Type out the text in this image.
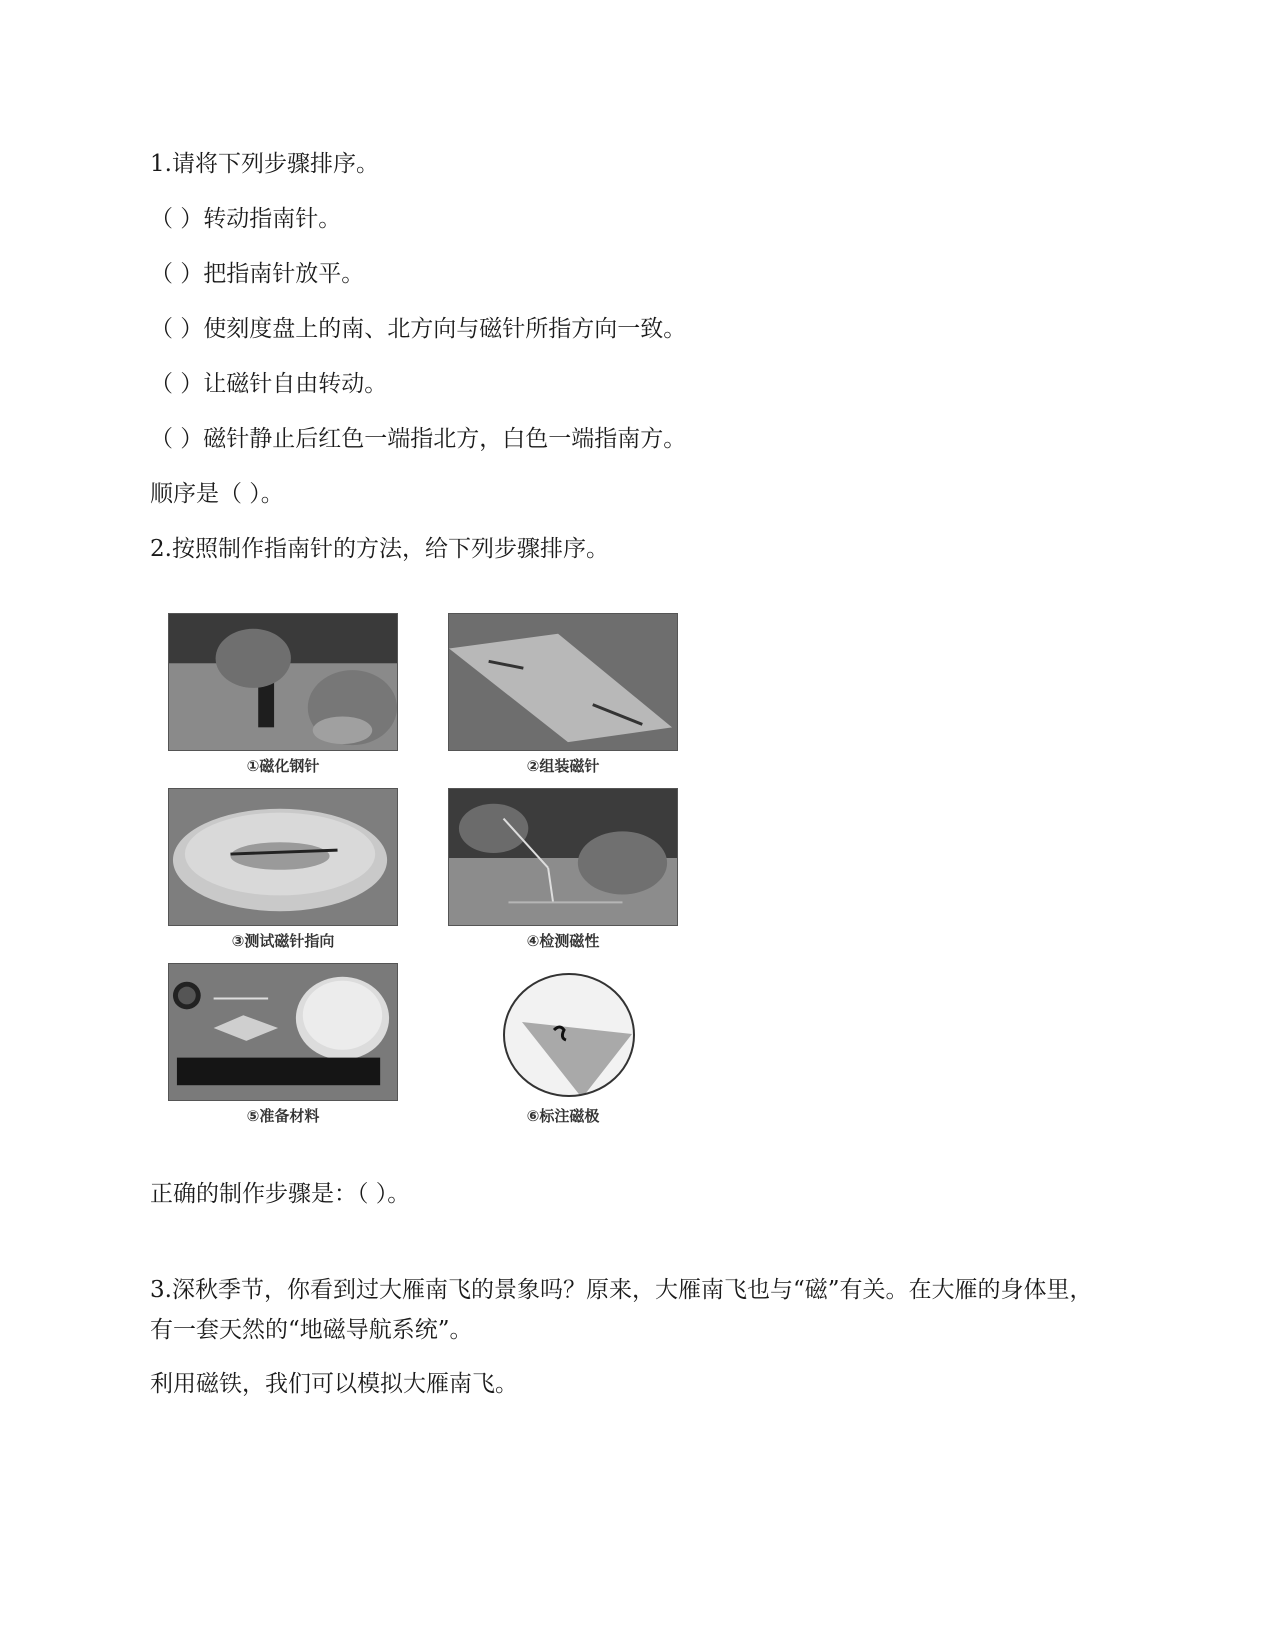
1.请将下列步骤排序。
（ ）转动指南针。
（ ）把指南针放平。
（ ）使刻度盘上的南、北方向与磁针所指方向一致。
（ ）让磁针自由转动。
（ ）磁针静止后红色一端指北方，白色一端指南方。
顺序是（ ）。
2.按照制作指南针的方法，给下列步骤排序。
①磁化钢针	②组装磁针
③测试磁针指向	④检测磁性
⑤准备材料	⑥标注磁极
正确的制作步骤是：（ ）。
3.深秋季节，你看到过大雁南飞的景象吗？原来，大雁南飞也与“磁”有关。在大雁的身体里，有一套天然的“地磁导航系统”。
利用磁铁，我们可以模拟大雁南飞。
